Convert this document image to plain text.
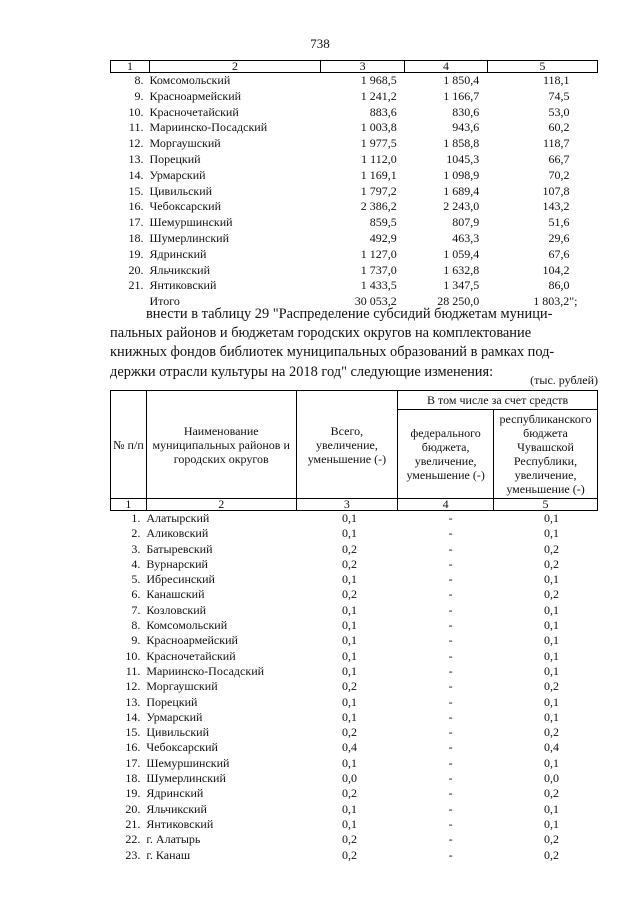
738
1	2	3	4	5
8.	Комсомольский	1 968,5	1 850,4	118,1
9.	Красноармейский	1 241,2	1 166,7	74,5
10.	Красночетайский	883,6	830,6	53,0
11.	Мариинско-Посадский	1 003,8	943,6	60,2
12.	Моргаушский	1 977,5	1 858,8	118,7
13.	Порецкий	1 112,0	1045,3	66,7
14.	Урмарский	1 169,1	1 098,9	70,2
15.	Цивильский	1 797,2	1 689,4	107,8
16.	Чебоксарский	2 386,2	2 243,0	143,2
17.	Шемуршинский	859,5	807,9	51,6
18.	Шумерлинский	492,9	463,3	29,6
19.	Ядринский	1 127,0	1 059,4	67,6
20.	Яльчикский	1 737,0	1 632,8	104,2
21.	Янтиковский	1 433,5	1 347,5	86,0
	Итого	30 053,2	28 250,0	1 803,2";
внести в таблицу 29 "Распределение субсидий бюджетам муници-
пальных районов и бюджетам городских округов на комплектование
книжных фондов библиотек муниципальных образований в рамках под-
держки отрасли культуры на 2018 год" следующие изменения:
(тыс. рублей)
№ п/п	Наименование муниципальных районов и городских округов	Всего, увеличение, уменьшение (-)	В том числе за счет средств	
			федерального бюджета, увеличение, уменьшение (-)	республиканского бюджета Чувашской Республики, увеличение, уменьшение (-)
1	2	3	4	5
1.	Алатырский	0,1	-	0,1
2.	Аликовский	0,1	-	0,1
3.	Батыревский	0,2	-	0,2
4.	Вурнарский	0,2	-	0,2
5.	Ибресинский	0,1	-	0,1
6.	Канашский	0,2	-	0,2
7.	Козловский	0,1	-	0,1
8.	Комсомольский	0,1	-	0,1
9.	Красноармейский	0,1	-	0,1
10.	Красночетайский	0,1	-	0,1
11.	Мариинско-Посадский	0,1	-	0,1
12.	Моргаушский	0,2	-	0,2
13.	Порецкий	0,1	-	0,1
14.	Урмарский	0,1	-	0,1
15.	Цивильский	0,2	-	0,2
16.	Чебоксарский	0,4	-	0,4
17.	Шемуршинский	0,1	-	0,1
18.	Шумерлинский	0,0	-	0,0
19.	Ядринский	0,2	-	0,2
20.	Яльчикский	0,1	-	0,1
21.	Янтиковский	0,1	-	0,1
22.	г. Алатырь	0,2	-	0,2
23.	г. Канаш	0,2	-	0,2
